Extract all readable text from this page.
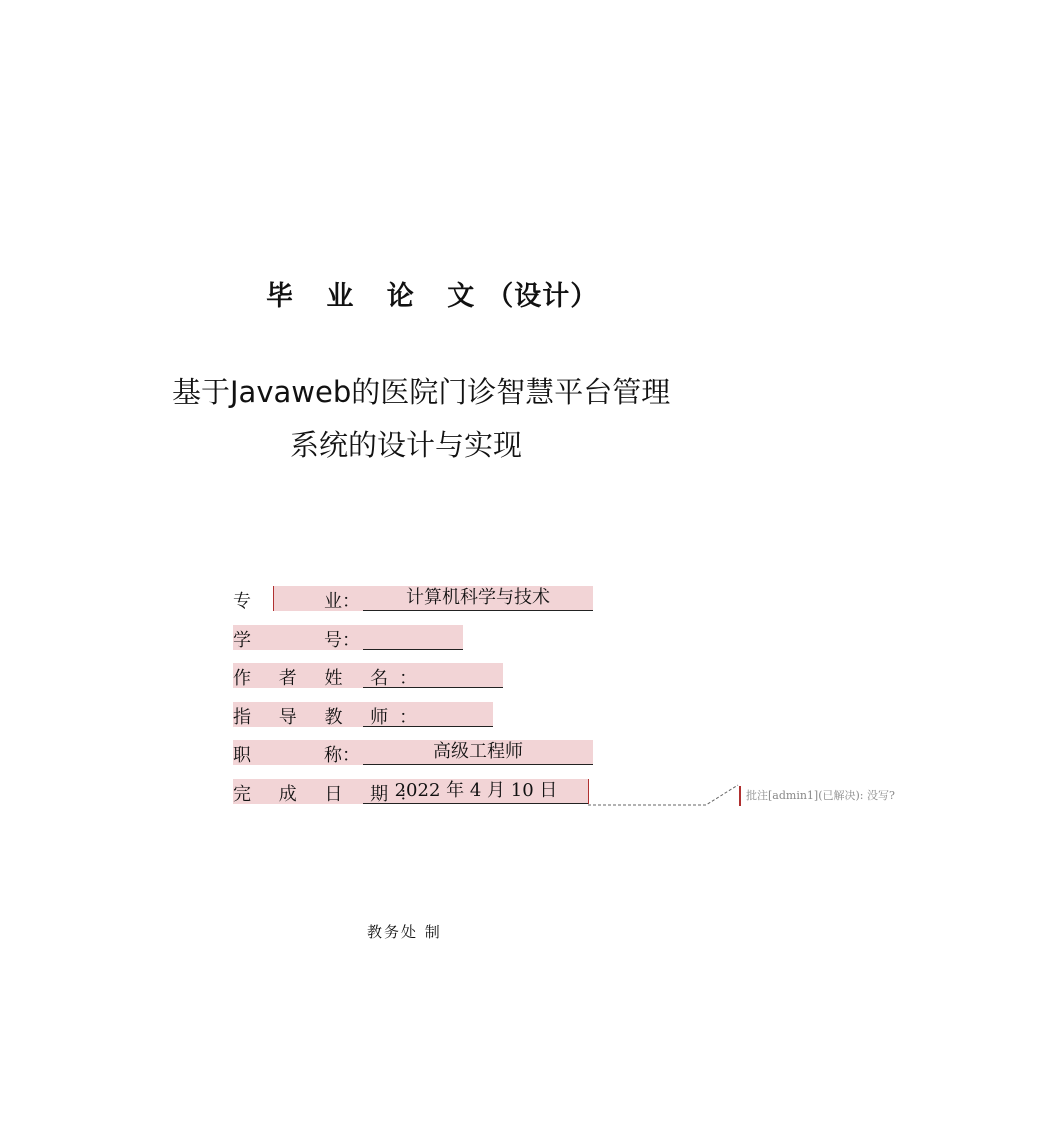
毕 业 论 文（设计）
基于Javaweb的医院门诊智慧平台管理
系统的设计与实现
专	业：	计算机科学与技术
学	号：
作 者 姓 名：
指 导 教 师：
职	称：	高级工程师
完 成 日 期：
2022 年 4 月 10 日	批注[admin1](已解决): 没写?
教务处 制
